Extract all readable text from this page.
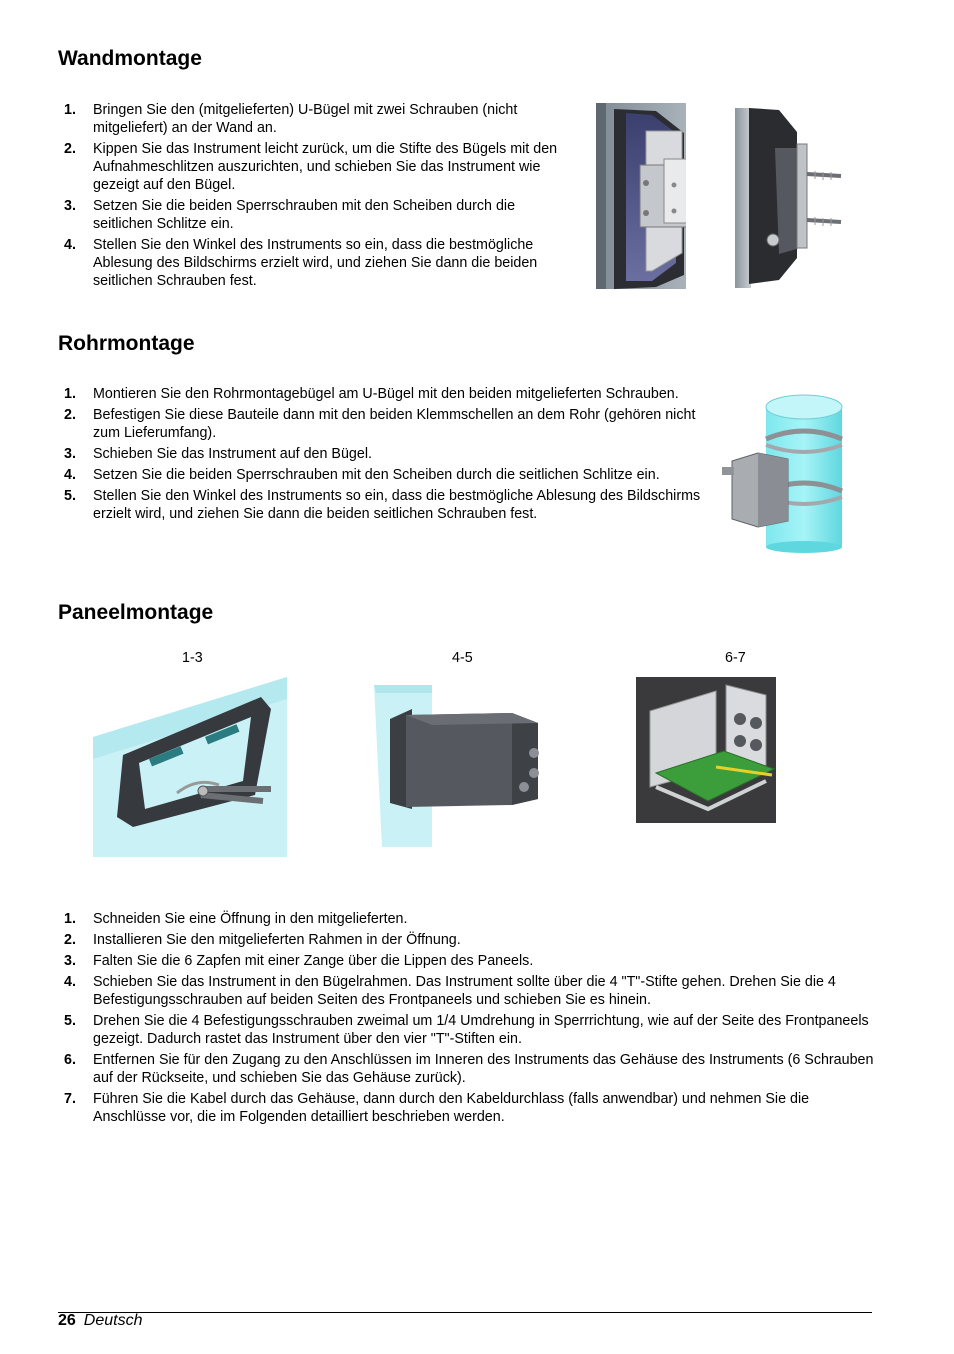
Wandmontage
1. Bringen Sie den (mitgelieferten) U-Bügel mit zwei Schrauben (nicht mitgeliefert) an der Wand an.
2. Kippen Sie das Instrument leicht zurück, um die Stifte des Bügels mit den Aufnahmeschlitzen auszurichten, und schieben Sie das Instrument wie gezeigt auf den Bügel.
3. Setzen Sie die beiden Sperrschrauben mit den Scheiben durch die seitlichen Schlitze ein.
4. Stellen Sie den Winkel des Instruments so ein, dass die bestmögliche Ablesung des Bildschirms erzielt wird, und ziehen Sie dann die beiden seitlichen Schrauben fest.
Rohrmontage
1. Montieren Sie den Rohrmontagebügel am U-Bügel mit den beiden mitgelieferten Schrauben.
2. Befestigen Sie diese Bauteile dann mit den beiden Klemmschellen an dem Rohr (gehören nicht zum Lieferumfang).
3. Schieben Sie das Instrument auf den Bügel.
4. Setzen Sie die beiden Sperrschrauben mit den Scheiben durch die seitlichen Schlitze ein.
5. Stellen Sie den Winkel des Instruments so ein, dass die bestmögliche Ablesung des Bildschirms erzielt wird, und ziehen Sie dann die beiden seitlichen Schrauben fest.
Paneelmontage
1-3	4-5	6-7
1. Schneiden Sie eine Öffnung in den mitgelieferten.
2. Installieren Sie den mitgelieferten Rahmen in der Öffnung.
3. Falten Sie die 6 Zapfen mit einer Zange über die Lippen des Paneels.
4. Schieben Sie das Instrument in den Bügelrahmen. Das Instrument sollte über die 4 "T"-Stifte gehen. Drehen Sie die 4 Befestigungsschrauben auf beiden Seiten des Frontpaneels und schieben Sie es hinein.
5. Drehen Sie die 4 Befestigungsschrauben zweimal um 1/4 Umdrehung in Sperrrichtung, wie auf der Seite des Frontpaneels gezeigt. Dadurch rastet das Instrument über den vier "T"-Stiften ein.
6. Entfernen Sie für den Zugang zu den Anschlüssen im Inneren des Instruments das Gehäuse des Instruments (6 Schrauben auf der Rückseite, und schieben Sie das Gehäuse zurück).
7. Führen Sie die Kabel durch das Gehäuse, dann durch den Kabeldurchlass (falls anwendbar) und nehmen Sie die Anschlüsse vor, die im Folgenden detailliert beschrieben werden.
26 Deutsch
